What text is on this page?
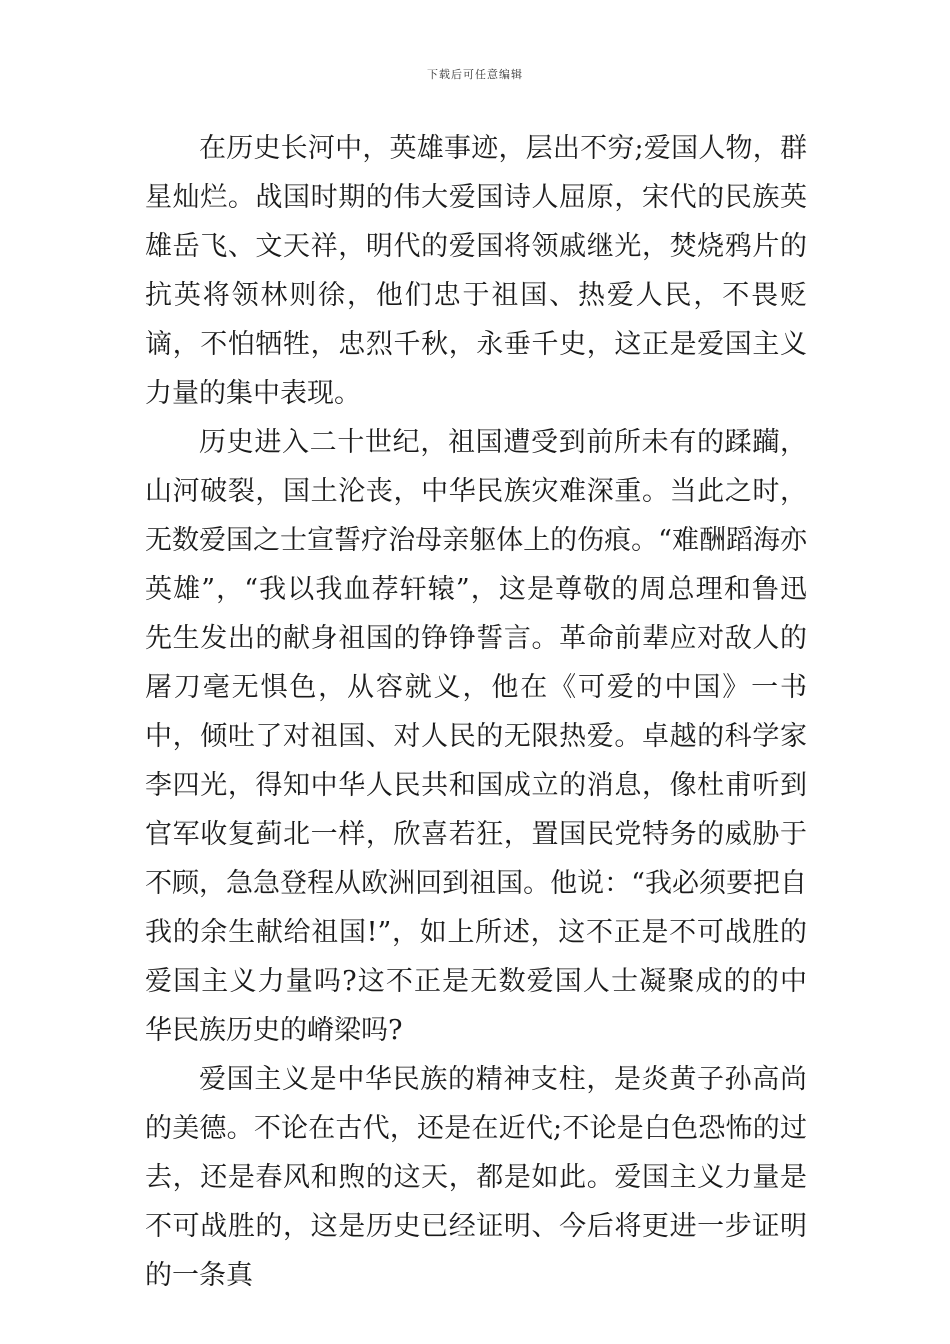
下载后可任意编辑

在历史长河中，英雄事迹，层出不穷;爱国人物，群星灿烂。战国时期的伟大爱国诗人屈原，宋代的民族英雄岳飞、文天祥，明代的爱国将领戚继光，焚烧鸦片的抗英将领林则徐，他们忠于祖国、热爱人民，不畏贬谪，不怕牺牲，忠烈千秋，永垂千史，这正是爱国主义力量的集中表现。

历史进入二十世纪，祖国遭受到前所未有的蹂躏，山河破裂，国土沦丧，中华民族灾难深重。当此之时，无数爱国之士宣誓疗治母亲躯体上的伤痕。“难酬蹈海亦英雄”，“我以我血荐轩辕”，这是尊敬的周总理和鲁迅先生发出的献身祖国的铮铮誓言。革命前辈应对敌人的屠刀毫无惧色，从容就义，他在《可爱的中国》一书中，倾吐了对祖国、对人民的无限热爱。卓越的科学家李四光，得知中华人民共和国成立的消息，像杜甫听到官军收复蓟北一样，欣喜若狂，置国民党特务的威胁于不顾，急急登程从欧洲回到祖国。他说：“我必须要把自我的余生献给祖国!”，如上所述，这不正是不可战胜的爱国主义力量吗?这不正是无数爱国人士凝聚成的的中华民族历史的嵴梁吗?

爱国主义是中华民族的精神支柱，是炎黄子孙高尚的美德。不论在古代，还是在近代;不论是白色恐怖的过去，还是春风和煦的这天，都是如此。爱国主义力量是不可战胜的，这是历史已经证明、今后将更进一步证明的一条真
